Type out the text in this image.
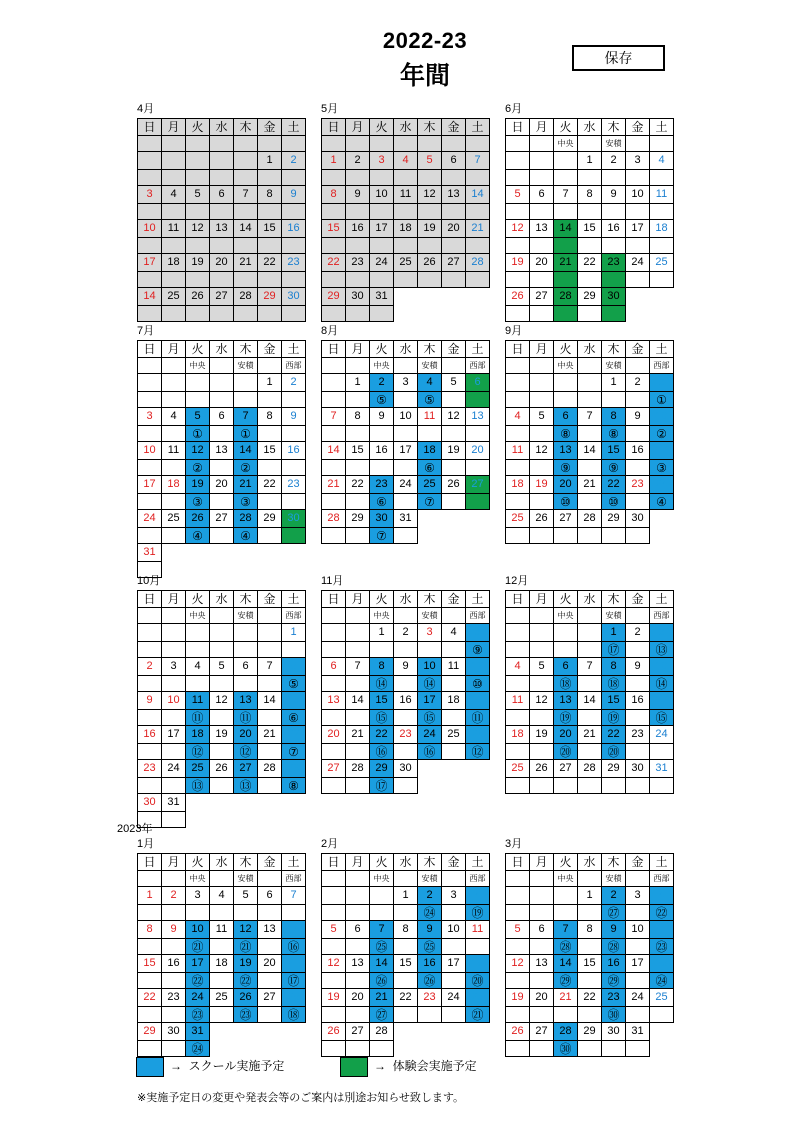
2022-23
年間
保存
2023年
→ スクール実施予定	→ 体験会実施予定
※実施予定日の変更や発表会等のご案内は別途お知らせ致します。
4月
日	月	火	水	木	金	土

					1	2

3	4	5	6	7	8	9

10	11	12	13	14	15	16

17	18	19	20	21	22	23

14	25	26	27	28	29	30

5月
日	月	火	水	木	金	土

1	2	3	4	5	6	7

8	9	10	11	12	13	14

15	16	17	18	19	20	21

22	23	24	25	26	27	28

29	30	31				

6月
日	月	火	水	木	金	土
		中央		安積		
			1	2	3	4

5	6	7	8	9	10	11

12	13	14	15	16	17	18

19	20	21	22	23	24	25

26	27	28	29	30		

7月
日	月	火	水	木	金	土
		中央		安積		西部
					1	2

3	4	5	6	7	8	9
		①		①		
10	11	12	13	14	15	16
		②		②		
17	18	19	20	21	22	23
		③		③		
24	25	26	27	28	29	30
		④		④		
31						

8月
日	月	火	水	木	金	土
		中央		安積		西部
	1	2	3	4	5	6
		⑤		⑤		
7	8	9	10	11	12	13

14	15	16	17	18	19	20
				⑥		
21	22	23	24	25	26	27
		⑥		⑦		
28	29	30	31			
		⑦				
9月
日	月	火	水	木	金	土
		中央		安積		西部
				1	2	3
						①
4	5	6	7	8	9	10
		⑧		⑧		②
11	12	13	14	15	16	17
		⑨		⑨		③
18	19	20	21	22	23	24
		⑩		⑩		④
25	26	27	28	29	30	

10月
日	月	火	水	木	金	土
		中央		安積		西部
						1

2	3	4	5	6	7	8
						⑤
9	10	11	12	13	14	15
		⑪		⑪		⑥
16	17	18	19	20	21	22
		⑫		⑫		⑦
23	24	25	26	27	28	29
		⑬		⑬		⑧
30	31					

11月
日	月	火	水	木	金	土
		中央		安積		西部
		1	2	3	4	5
						⑨
6	7	8	9	10	11	12
		⑭		⑭		⑩
13	14	15	16	17	18	19
		⑮		⑮		⑪
20	21	22	23	24	25	26
		⑯		⑯		⑫
27	28	29	30			
		⑰				
12月
日	月	火	水	木	金	土
		中央		安積		西部
				1	2	3
				⑰		⑬
4	5	6	7	8	9	10
		⑱		⑱		⑭
11	12	13	14	15	16	17
		⑲		⑲		⑮
18	19	20	21	22	23	24
		⑳		⑳		
25	26	27	28	29	30	31

1月
日	月	火	水	木	金	土
		中央		安積		西部
1	2	3	4	5	6	7

8	9	10	11	12	13	14
		㉑		㉑		⑯
15	16	17	18	19	20	21
		㉒		㉒		⑰
22	23	24	25	26	27	28
		㉓		㉓		⑱
29	30	31				
		㉔				
2月
日	月	火	水	木	金	土
		中央		安積		西部
			1	2	3	4
				㉔		⑲
5	6	7	8	9	10	11
		㉕		㉕		
12	13	14	15	16	17	18
		㉖		㉖		⑳
19	20	21	22	23	24	25
		㉗				㉑
26	27	28				

3月
日	月	火	水	木	金	土
		中央		安積		西部
			1	2	3	4
				㉗		㉒
5	6	7	8	9	10	11
		㉘		㉘		㉓
12	13	14	15	16	17	18
		㉙		㉙		㉔
19	20	21	22	23	24	25
				㉚		
26	27	28	29	30	31	
		㉚				
